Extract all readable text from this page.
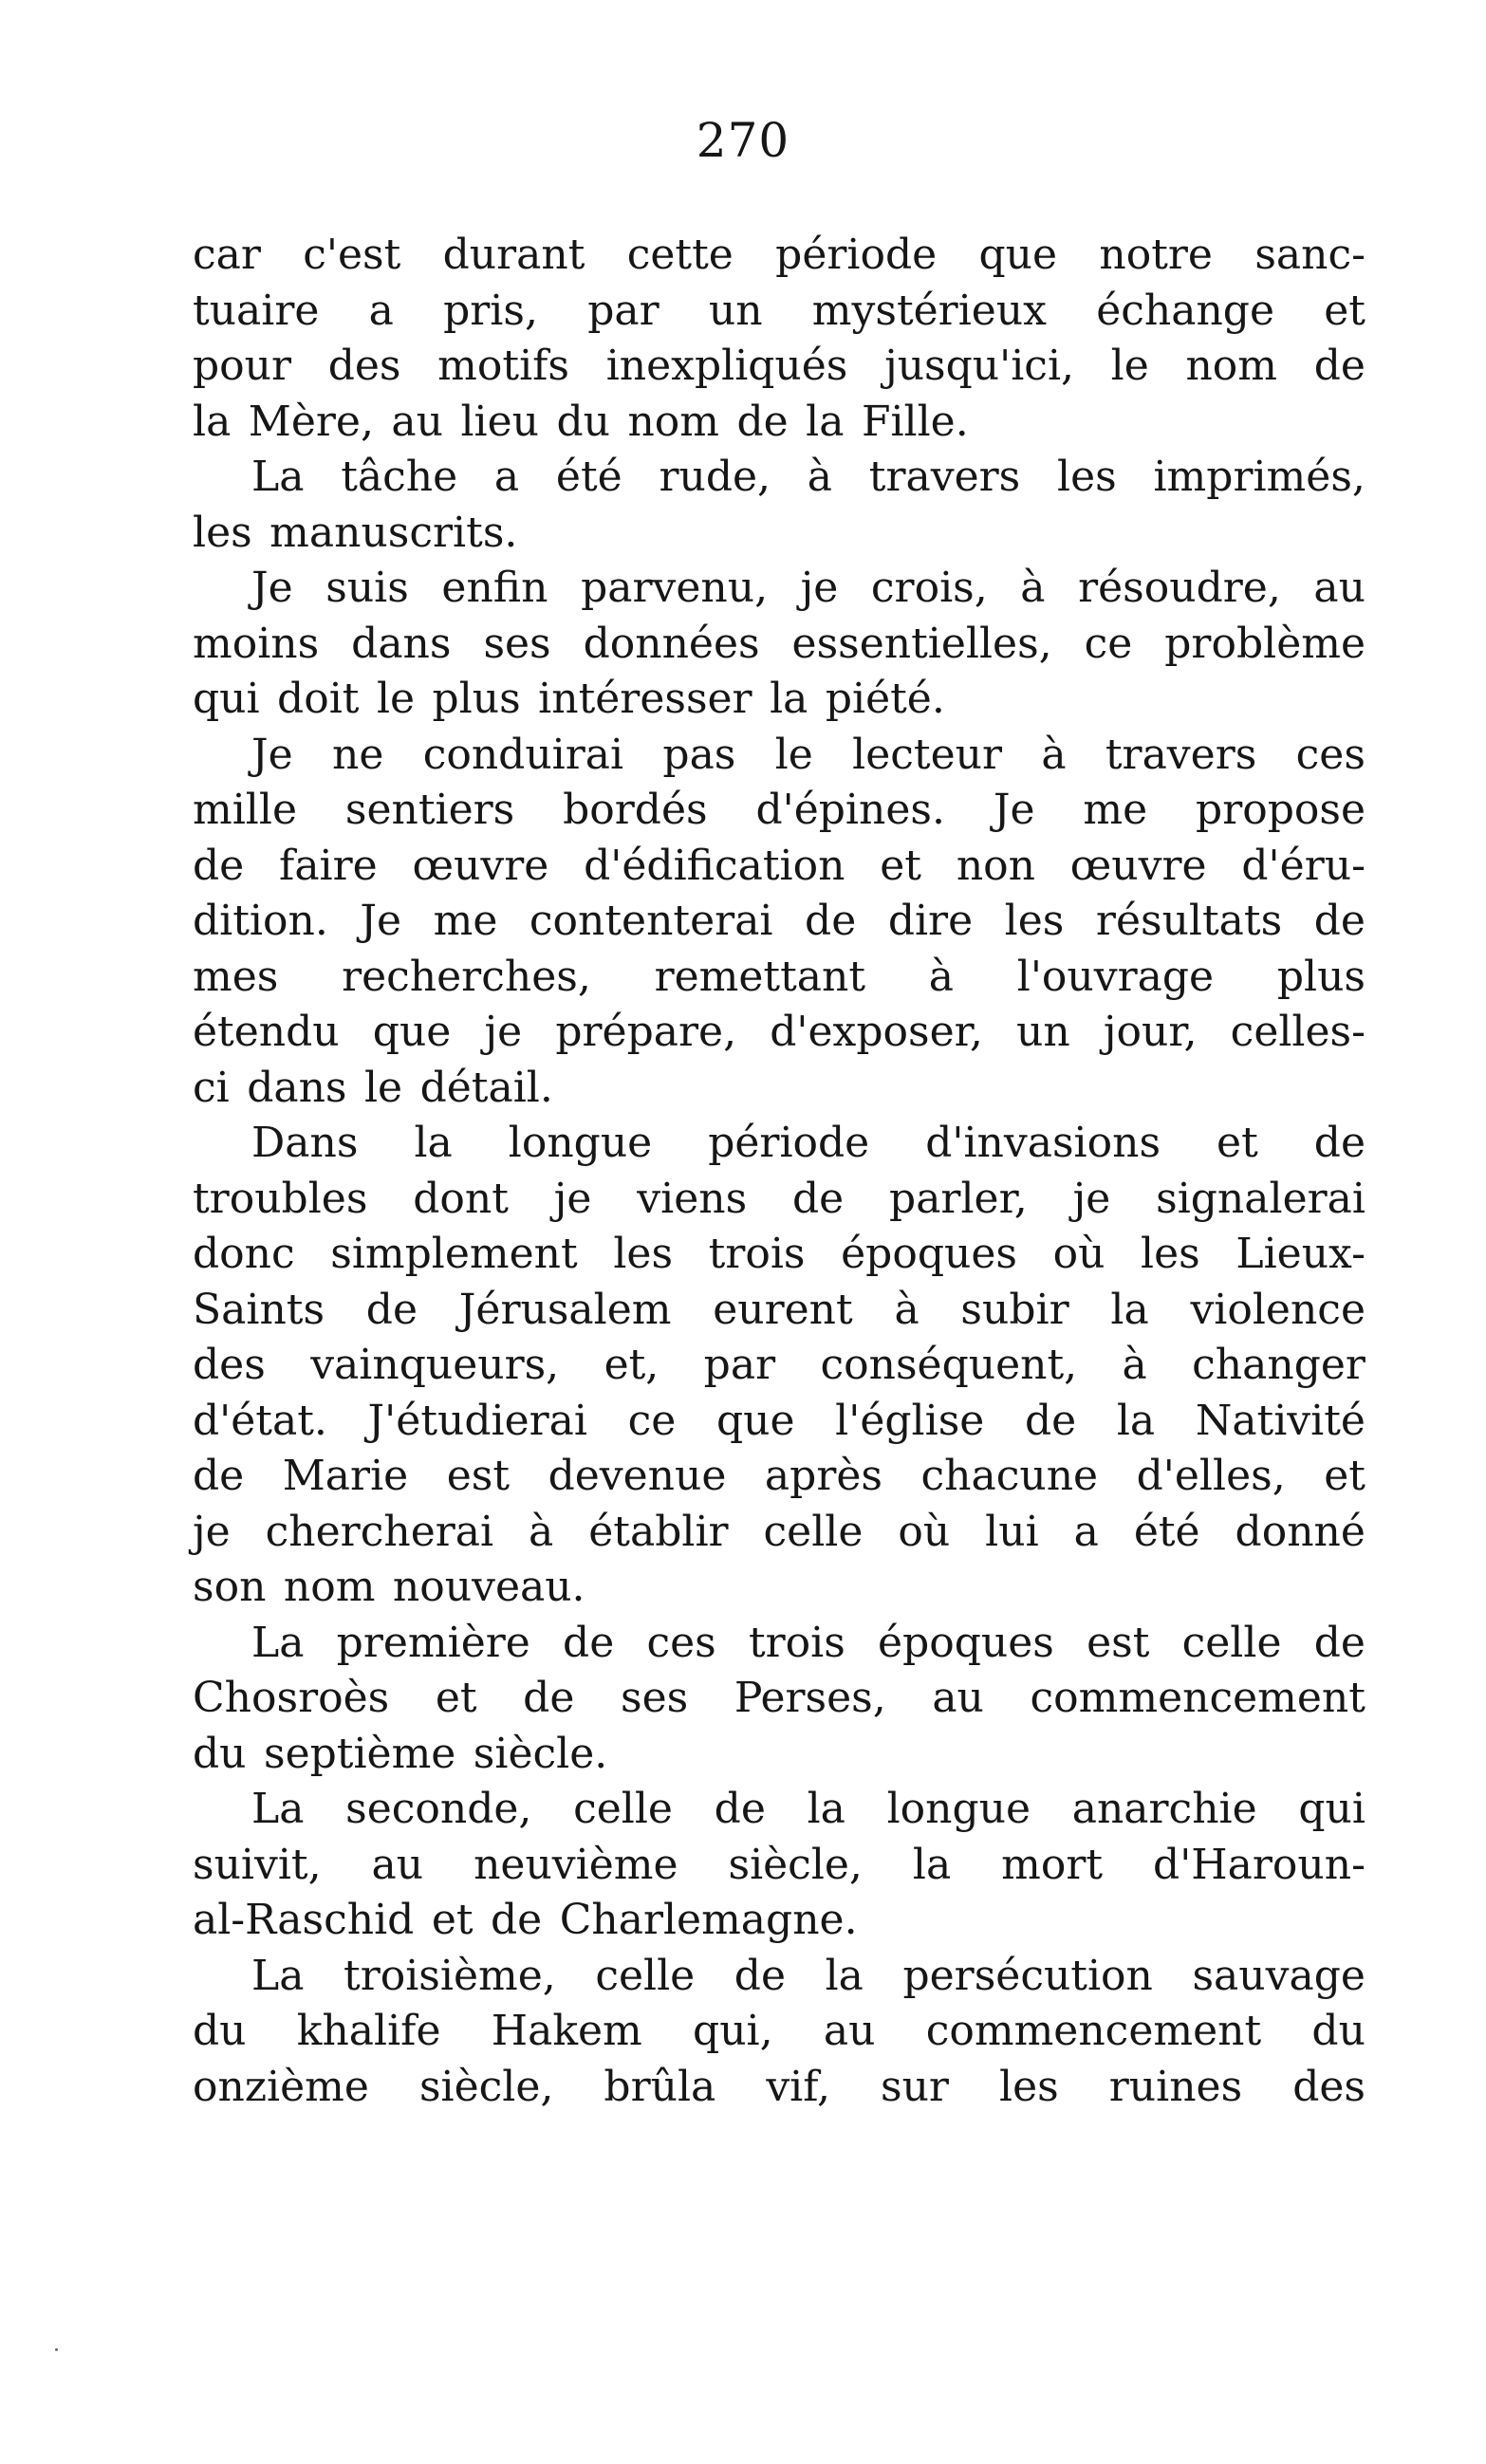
270
car c'est durant cette période que notre sanc-
tuaire a pris, par un mystérieux échange et
pour des motifs inexpliqués jusqu'ici, le nom de
la Mère, au lieu du nom de la Fille.
La tâche a été rude, à travers les imprimés,
les manuscrits.
Je suis enfin parvenu, je crois, à résoudre, au
moins dans ses données essentielles, ce problème
qui doit le plus intéresser la piété.
Je ne conduirai pas le lecteur à travers ces
mille sentiers bordés d'épines. Je me propose
de faire œuvre d'édification et non œuvre d'éru-
dition. Je me contenterai de dire les résultats de
mes recherches, remettant à l'ouvrage plus
étendu que je prépare, d'exposer, un jour, celles-
ci dans le détail.
Dans la longue période d'invasions et de
troubles dont je viens de parler, je signalerai
donc simplement les trois époques où les Lieux-
Saints de Jérusalem eurent à subir la violence
des vainqueurs, et, par conséquent, à changer
d'état. J'étudierai ce que l'église de la Nativité
de Marie est devenue après chacune d'elles, et
je chercherai à établir celle où lui a été donné
son nom nouveau.
La première de ces trois époques est celle de
Chosroès et de ses Perses, au commencement
du septième siècle.
La seconde, celle de la longue anarchie qui
suivit, au neuvième siècle, la mort d'Haroun-
al-Raschid et de Charlemagne.
La troisième, celle de la persécution sauvage
du khalife Hakem qui, au commencement du
onzième siècle, brûla vif, sur les ruines des
